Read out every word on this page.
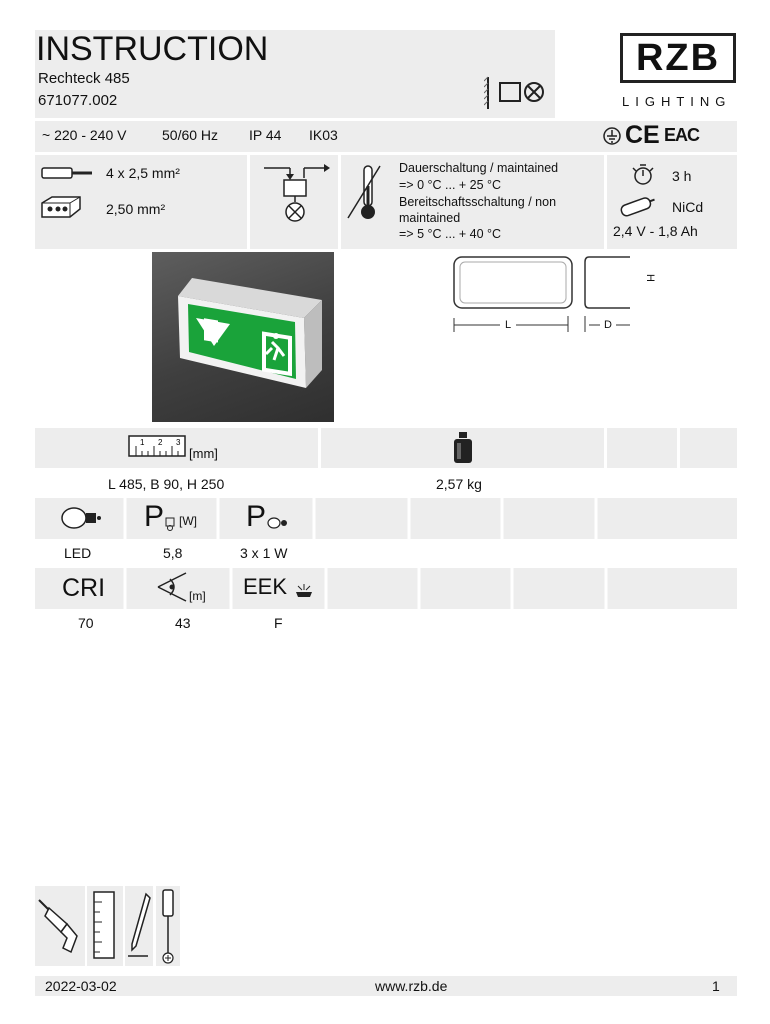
INSTRUCTION
Rechteck 485
671077.002
RZB
LIGHTING
~ 220 - 240 V	50/60 Hz IP 44 IK03	CE EAC
4 x 2,5 mm²
2,50 mm²
Dauerschaltung / maintained
=> 0 °C ... + 25 °C
Bereitschaftsschaltung / non
maintained
=> 5 °C ... + 40 °C
3 h
NiCd
2,4 V - 1,8 Ah
L	D
H
1 2 3
[mm]
L 485, B 90, H 250	2,57 kg
P [W] P
LED	5,8	3 x 1 W
CRI	[m] EEK
70	43	F
2022-03-02	www.rzb.de	1
